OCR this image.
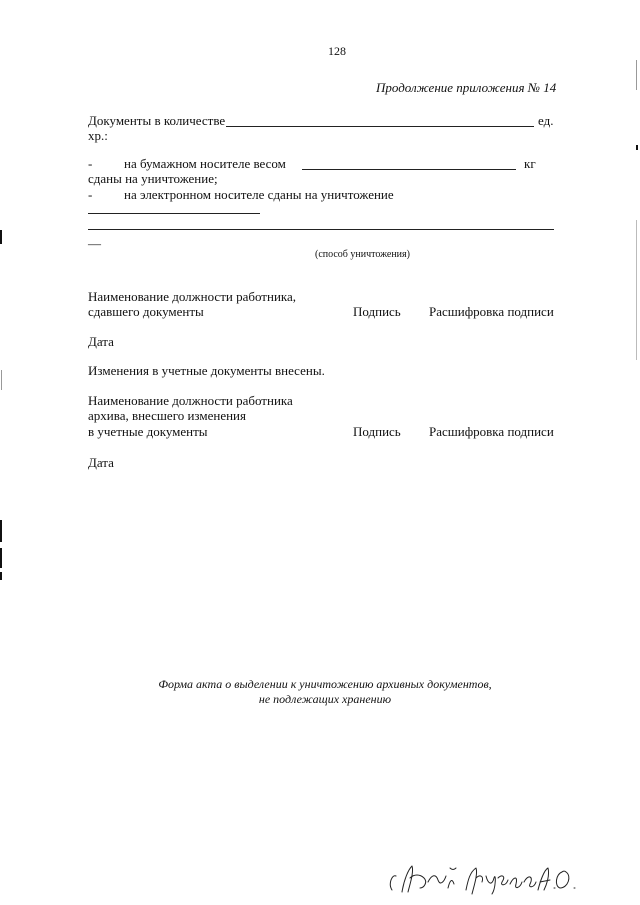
128
Продолжение приложения № 14
Документы в количестве	ед.
хр.:
- на бумажном носителе весом	кг
сданы на уничтожение;
- на электронном носителе сданы на уничтожение
—
(способ уничтожения)
Наименование должности работника,
сдавшего документы	Подпись Расшифровка подписи
Дата
Изменения в учетные документы внесены.
Наименование должности работника
архива, внесшего изменения
в учетные документы	Подпись Расшифровка подписи
Дата
Форма акта о выделении к уничтожению архивных документов,
не подлежащих хранению
